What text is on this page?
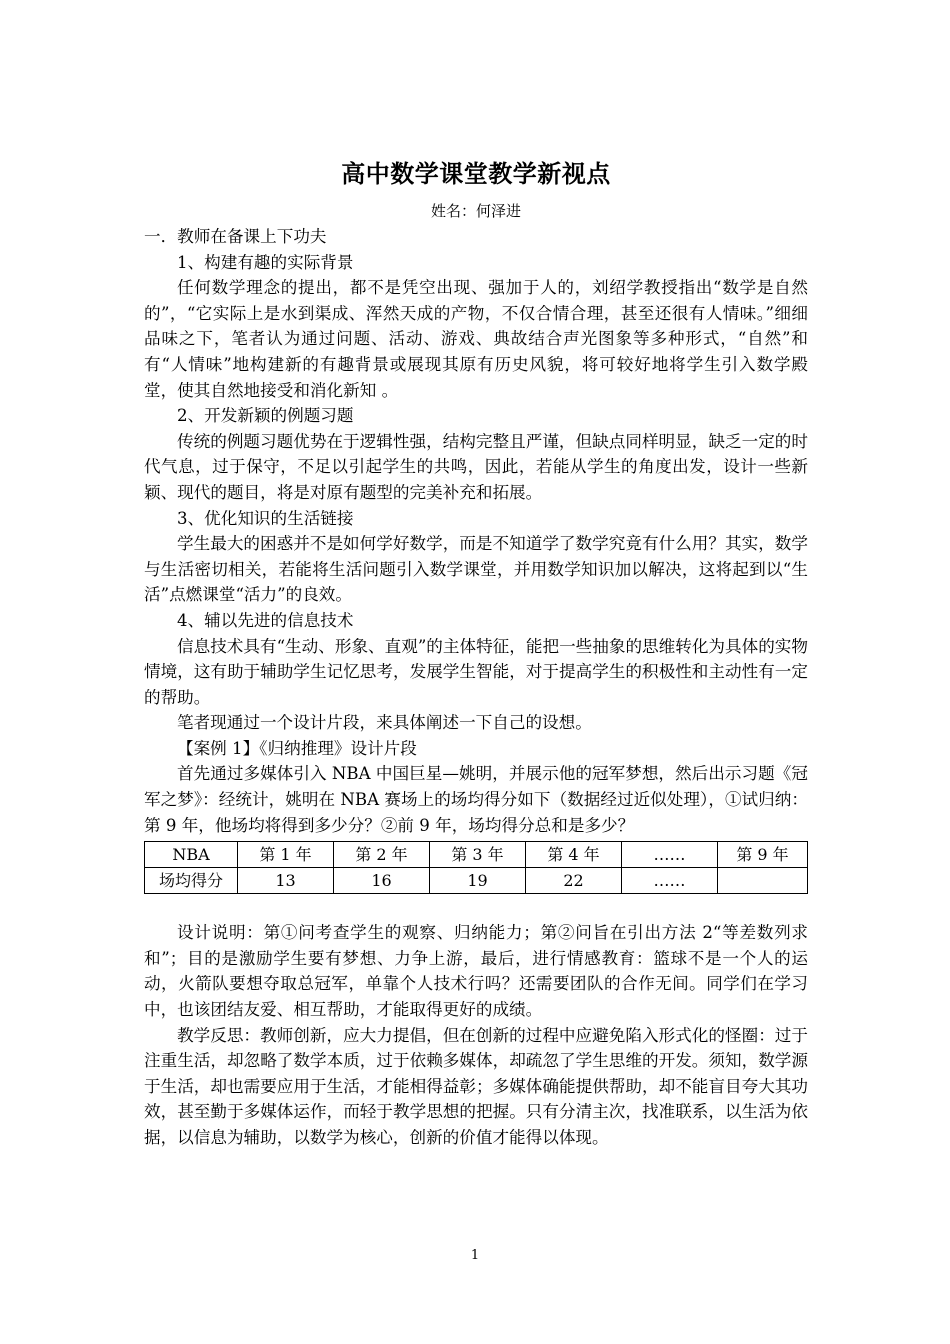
高中数学课堂教学新视点
姓名：何泽进

一．教师在备课上下功夫

1、构建有趣的实际背景

任何数学理念的提出，都不是凭空出现、强加于人的，刘绍学教授指出“数学是自然的”，“它实际上是水到渠成、浑然天成的产物，不仅合情合理，甚至还很有人情味。”细细品味之下，笔者认为通过问题、活动、游戏、典故结合声光图象等多种形式，“自然”和有“人情味”地构建新的有趣背景或展现其原有历史风貌，将可较好地将学生引入数学殿堂，使其自然地接受和消化新知 。

2、开发新颖的例题习题

传统的例题习题优势在于逻辑性强，结构完整且严谨，但缺点同样明显，缺乏一定的时代气息，过于保守，不足以引起学生的共鸣，因此，若能从学生的角度出发，设计一些新颖、现代的题目，将是对原有题型的完美补充和拓展。

3、优化知识的生活链接

学生最大的困惑并不是如何学好数学，而是不知道学了数学究竟有什么用？其实，数学与生活密切相关，若能将生活问题引入数学课堂，并用数学知识加以解决，这将起到以“生活”点燃课堂“活力”的良效。

4、辅以先进的信息技术

信息技术具有“生动、形象、直观”的主体特征，能把一些抽象的思维转化为具体的实物情境，这有助于辅助学生记忆思考，发展学生智能，对于提高学生的积极性和主动性有一定的帮助。

笔者现通过一个设计片段，来具体阐述一下自己的设想。

【案例 1】《归纳推理》设计片段

首先通过多媒体引入 NBA 中国巨星—姚明，并展示他的冠军梦想，然后出示习题《冠军之梦》：经统计，姚明在 NBA 赛场上的场均得分如下（数据经过近似处理），①试归纳：第 9 年，他场均将得到多少分？②前 9 年，场均得分总和是多少？

NBA	第 1 年	第 2 年	第 3 年	第 4 年	……	第 9 年
场均得分	13	16	19	22	……	

设计说明：第①问考查学生的观察、归纳能力；第②问旨在引出方法 2“等差数列求和”；目的是激励学生要有梦想、力争上游，最后，进行情感教育：篮球不是一个人的运动，火箭队要想夺取总冠军，单靠个人技术行吗？还需要团队的合作无间。同学们在学习中，也该团结友爱、相互帮助，才能取得更好的成绩。

教学反思：教师创新，应大力提倡，但在创新的过程中应避免陷入形式化的怪圈：过于注重生活，却忽略了数学本质，过于依赖多媒体，却疏忽了学生思维的开发。须知，数学源于生活，却也需要应用于生活，才能相得益彰；多媒体确能提供帮助，却不能盲目夸大其功效，甚至勤于多媒体运作，而轻于教学思想的把握。只有分清主次，找准联系，以生活为依据，以信息为辅助，以数学为核心，创新的价值才能得以体现。

1
